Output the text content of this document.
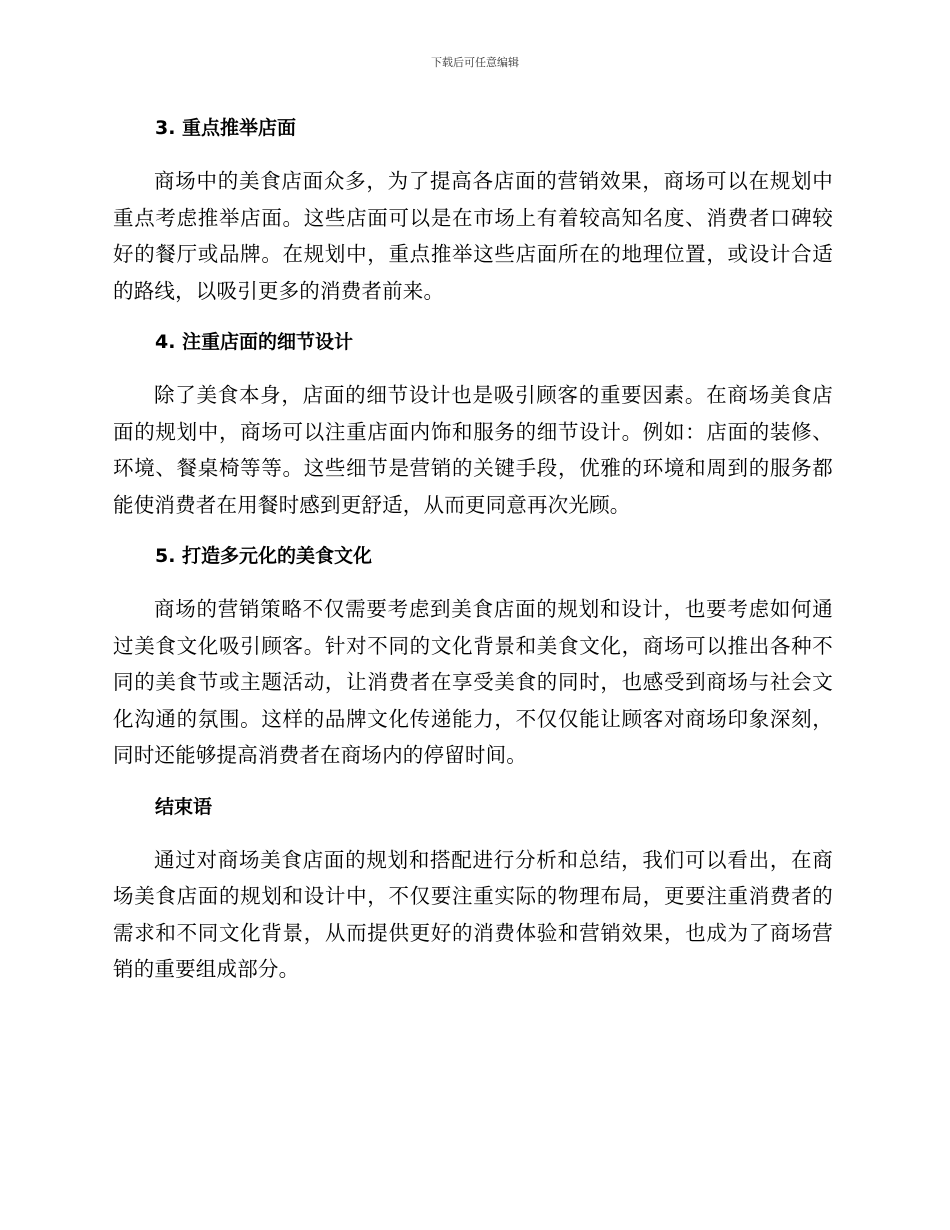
下载后可任意编辑
3. 重点推举店面

商场中的美食店面众多，为了提高各店面的营销效果，商场可以在规划中重点考虑推举店面。这些店面可以是在市场上有着较高知名度、消费者口碑较好的餐厅或品牌。在规划中，重点推举这些店面所在的地理位置，或设计合适的路线，以吸引更多的消费者前来。

4. 注重店面的细节设计

除了美食本身，店面的细节设计也是吸引顾客的重要因素。在商场美食店面的规划中，商场可以注重店面内饰和服务的细节设计。例如：店面的装修、环境、餐桌椅等等。这些细节是营销的关键手段，优雅的环境和周到的服务都能使消费者在用餐时感到更舒适，从而更同意再次光顾。

5. 打造多元化的美食文化

商场的营销策略不仅需要考虑到美食店面的规划和设计，也要考虑如何通过美食文化吸引顾客。针对不同的文化背景和美食文化，商场可以推出各种不同的美食节或主题活动，让消费者在享受美食的同时，也感受到商场与社会文化沟通的氛围。这样的品牌文化传递能力，不仅仅能让顾客对商场印象深刻，同时还能够提高消费者在商场内的停留时间。

结束语

通过对商场美食店面的规划和搭配进行分析和总结，我们可以看出，在商场美食店面的规划和设计中，不仅要注重实际的物理布局，更要注重消费者的需求和不同文化背景，从而提供更好的消费体验和营销效果，也成为了商场营销的重要组成部分。
